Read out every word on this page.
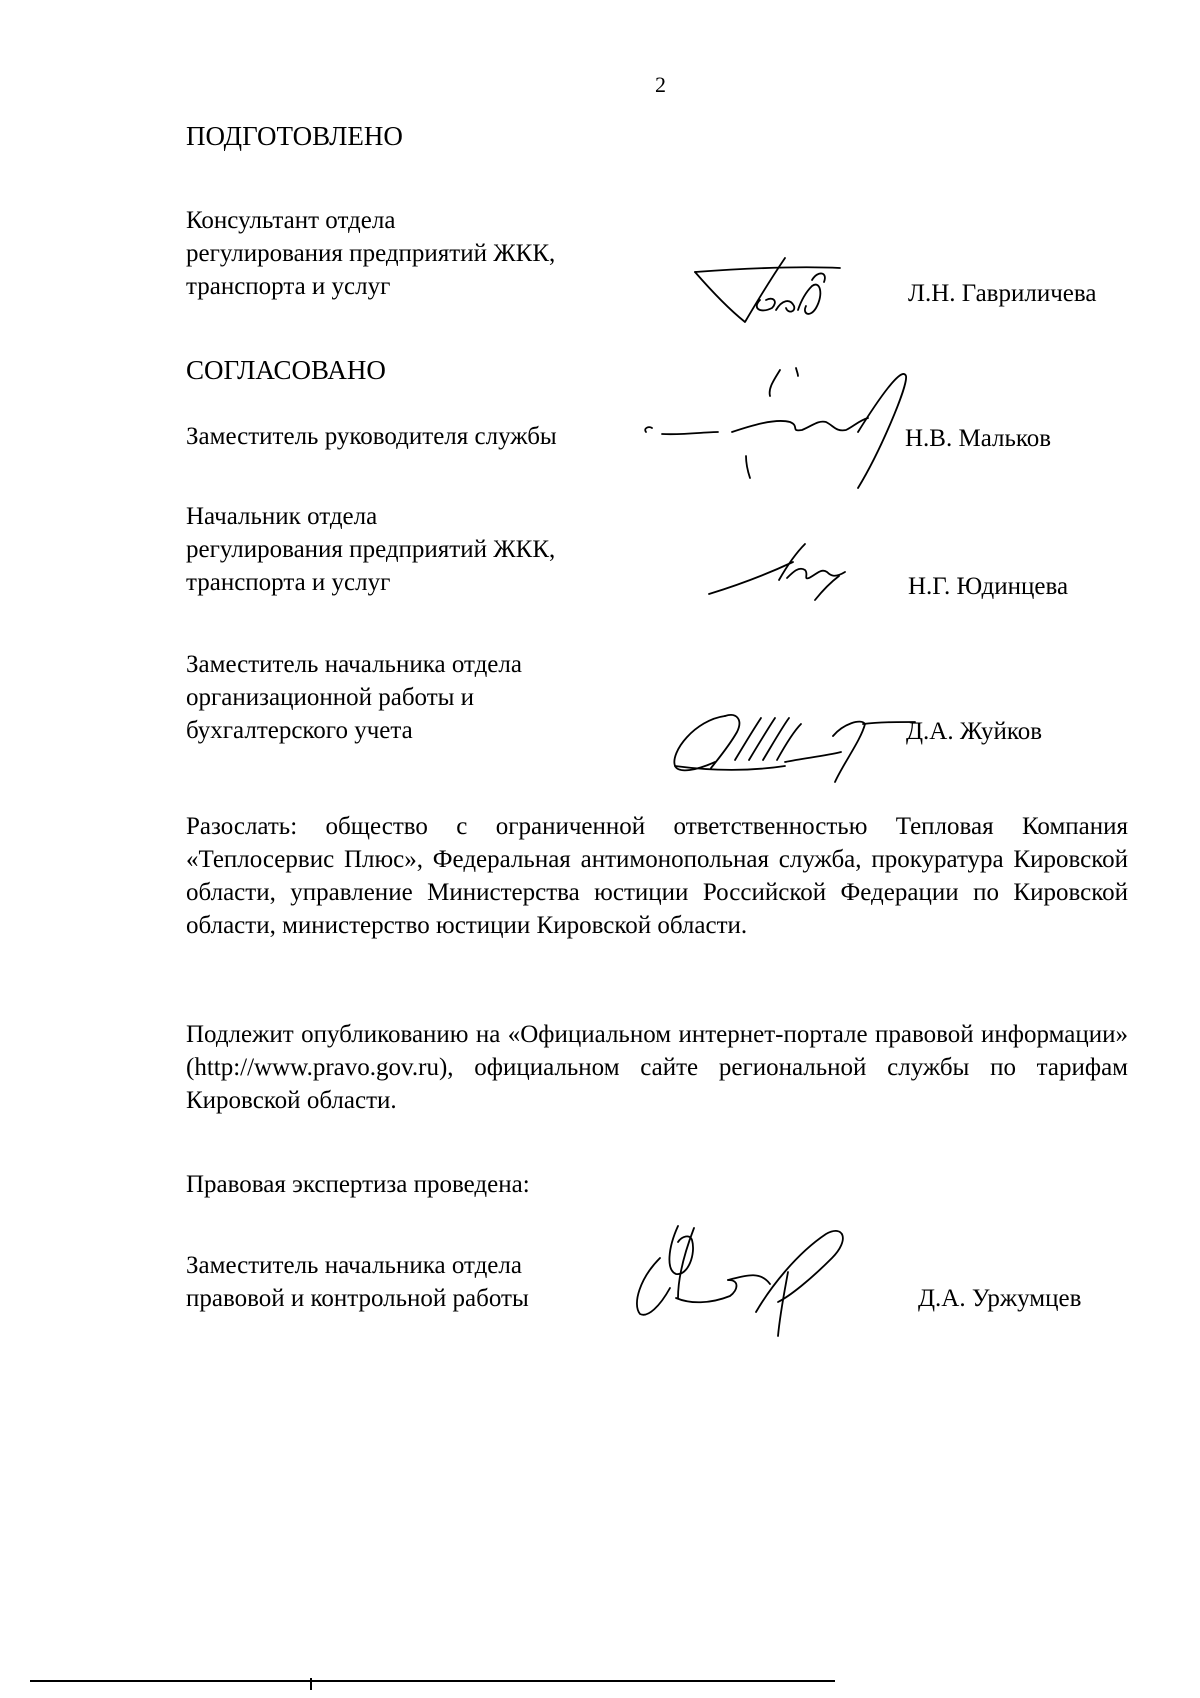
2
ПОДГОТОВЛЕНО
Консультант отдела
регулирования предприятий ЖКК,
транспорта и услуг	Л.Н. Гавриличева
СОГЛАСОВАНО
Заместитель руководителя службы	Н.В. Мальков
Начальник отдела
регулирования предприятий ЖКК,
транспорта и услуг	Н.Г. Юдинцева
Заместитель начальника отдела
организационной работы и
бухгалтерского учета	Д.А. Жуйков
Разослать: общество с ограниченной ответственностью Тепловая Компания «Теплосервис Плюс», Федеральная антимонопольная служба, прокуратура Кировской области, управление Министерства юстиции Российской Федерации по Кировской области, министерство юстиции Кировской области.
Подлежит опубликованию на «Официальном интернет-портале правовой информации» (http://www.pravo.gov.ru), официальном сайте региональной службы по тарифам Кировской области.
Правовая экспертиза проведена:
Заместитель начальника отдела
правовой и контрольной работы	Д.А. Уржумцев
